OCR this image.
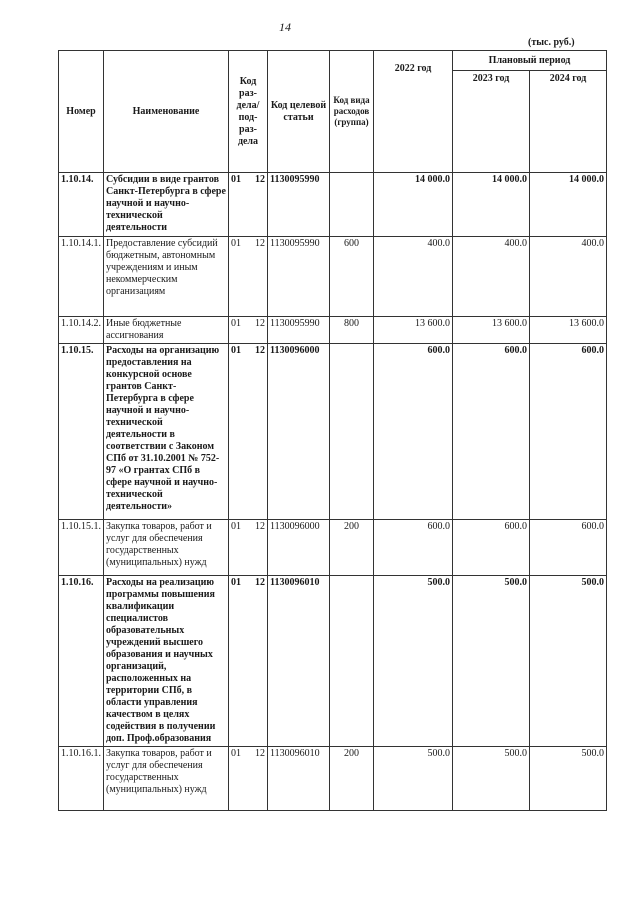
14
(тыс. руб.)
Номер	Наименование	Код раз- дела/ под- раз- дела	Код целевой статьи	Код вида расходов (группа)	2022 год	Плановый период	
						2023 год	2024 год
1.10.14.	Субсидии в виде грантов Санкт-Петербурга в сфере научной и научно-технической деятельности	01 12	1130095990		14 000.0	14 000.0	14 000.0
1.10.14.1.	Предоставление субсидий бюджетным, автономным учреждениям и иным некоммерческим организациям	01 12	1130095990	600	400.0	400.0	400.0
1.10.14.2.	Иные бюджетные ассигнования	01 12	1130095990	800	13 600.0	13 600.0	13 600.0
1.10.15.	Расходы на организацию предоставления на конкурсной основе грантов Санкт-Петербурга в сфере научной и научно-технической деятельности в соответствии с Законом СПб от 31.10.2001 № 752-97 «О грантах СПб в сфере научной и научно-технической деятельности»	01 12	1130096000		600.0	600.0	600.0
1.10.15.1.	Закупка товаров, работ и услуг для обеспечения государственных (муниципальных) нужд	01 12	1130096000	200	600.0	600.0	600.0
1.10.16.	Расходы на реализацию программы повышения квалификации специалистов образовательных учреждений высшего образования и научных организаций, расположенных на территории СПб, в области управления качеством в целях содействия в получении доп. Проф.образования	01 12	1130096010		500.0	500.0	500.0
1.10.16.1.	Закупка товаров, работ и услуг для обеспечения государственных (муниципальных) нужд	01 12	1130096010	200	500.0	500.0	500.0
